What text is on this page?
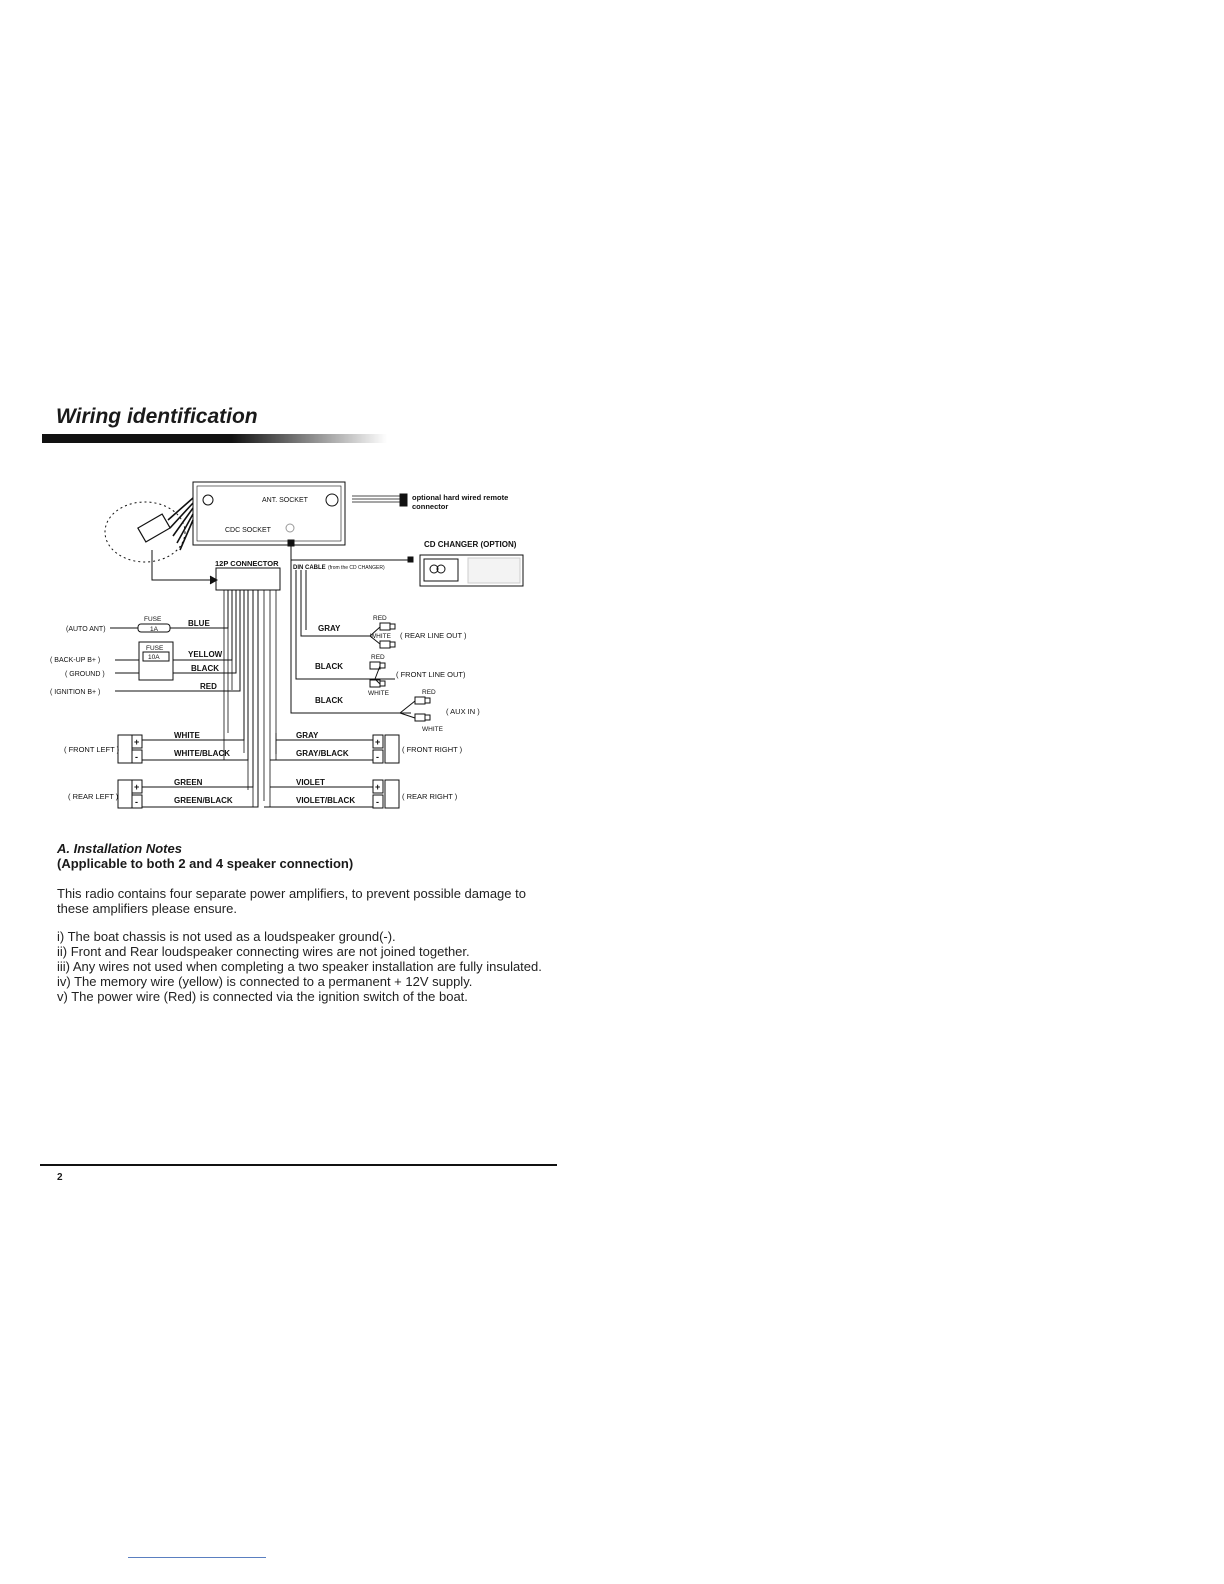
Wiring identification
ANT. SOCKET
CDC SOCKET
optional hard wired remote
connector
CD CHANGER (OPTION)
12P CONNECTOR DIN CABLE (from the CD CHANGER)
FUSE
1A
FUSE
10A
(AUTO ANT)
( BACK-UP B+ )
( GROUND )
( IGNITION B+ )
BLUE
YELLOW
BLACK
RED
GRAY
BLACK
BLACK
RED
WHITE ( REAR LINE OUT )
RED
( FRONT LINE OUT)
WHITE	RED
( AUX IN )
WHITE
WHITE
WHITE/BLACK
GREEN
GREEN/BLACK
GRAY
GRAY/BLACK
VIOLET
VIOLET/BLACK
( FRONT LEFT )
( REAR LEFT )
( FRONT RIGHT )
( REAR RIGHT )
+
-
+
-
+
-
+
-
A. Installation Notes
(Applicable to both 2 and 4 speaker connection)
This radio contains four separate power amplifiers, to prevent possible damage to these amplifiers please ensure.
i) The boat chassis is not used as a loudspeaker ground(-).
ii) Front and Rear loudspeaker connecting wires are not joined together.
iii) Any wires not used when completing a two speaker installation are fully insulated.
iv) The memory wire (yellow) is connected to a permanent + 12V supply.
v) The power wire (Red) is connected via the ignition switch of the boat.
2
